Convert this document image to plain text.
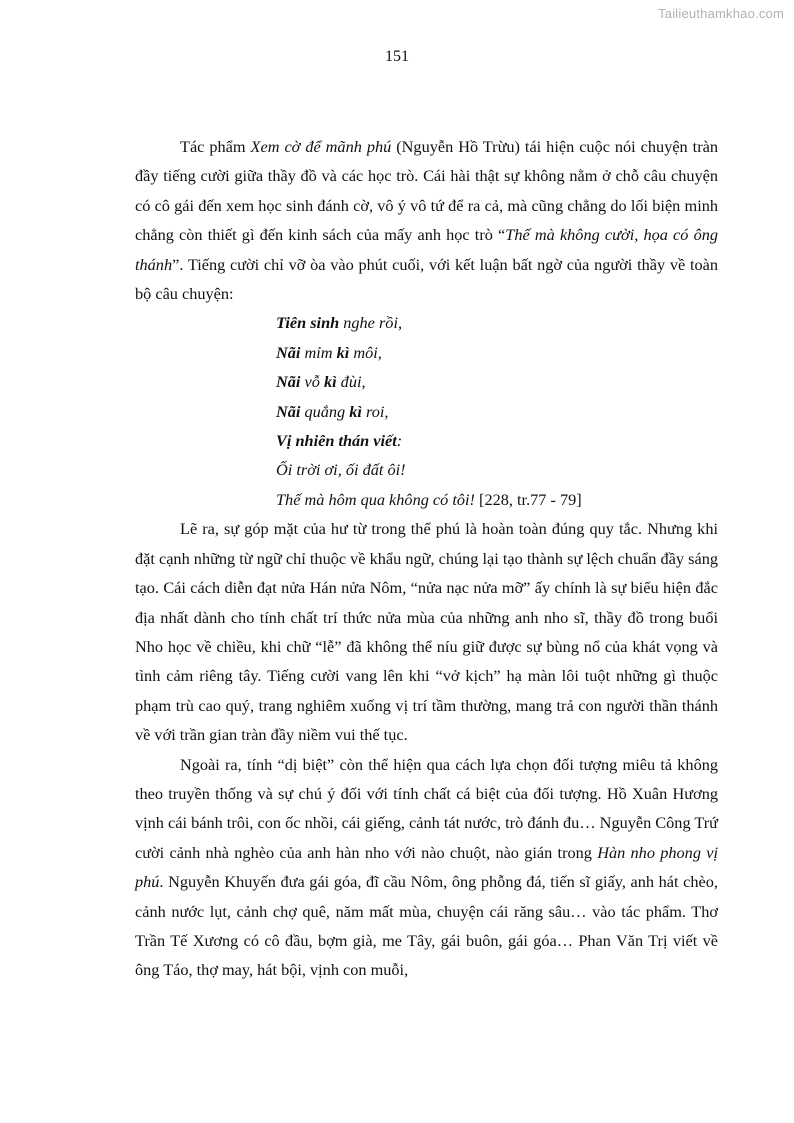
Tailieuthamkhao.com
151

Tác phẩm Xem cờ để mãnh phú (Nguyễn Hồ Trừu) tái hiện cuộc nói chuyện tràn đầy tiếng cười giữa thầy đồ và các học trò. Cái hài thật sự không nằm ở chỗ câu chuyện có cô gái đến xem học sinh đánh cờ, vô ý vô tứ để ra cả, mà cũng chẳng do lối biện minh chẳng còn thiết gì đến kinh sách của mấy anh học trò “Thế mà không cười, họa có ông thánh”. Tiếng cười chỉ vỡ òa vào phút cuối, với kết luận bất ngờ của người thầy về toàn bộ câu chuyện:

Tiên sinh nghe rồi,

Nãi mỉm kì môi,

Nãi vỗ kì đùi,

Nãi quắng kì roi,

Vị nhiên thán viết:

Ối trời ơi, ối đất ôi!

Thế mà hôm qua không có tôi! [228, tr.77 - 79]

Lẽ ra, sự góp mặt của hư từ trong thể phú là hoàn toàn đúng quy tắc. Nhưng khi đặt cạnh những từ ngữ chỉ thuộc về khẩu ngữ, chúng lại tạo thành sự lệch chuẩn đầy sáng tạo. Cái cách diễn đạt nửa Hán nửa Nôm, “nửa nạc nửa mỡ” ấy chính là sự biểu hiện đắc địa nhất dành cho tính chất trí thức nửa mùa của những anh nho sĩ, thầy đồ trong buổi Nho học về chiều, khi chữ “lễ” đã không thể níu giữ được sự bùng nổ của khát vọng và tình cảm riêng tây. Tiếng cười vang lên khi “vở kịch” hạ màn lôi tuột những gì thuộc phạm trù cao quý, trang nghiêm xuống vị trí tầm thường, mang trả con người thần thánh về với trần gian tràn đầy niềm vui thế tục.

Ngoài ra, tính “dị biệt” còn thể hiện qua cách lựa chọn đối tượng miêu tả không theo truyền thống và sự chú ý đối với tính chất cá biệt của đối tượng. Hồ Xuân Hương vịnh cái bánh trôi, con ốc nhồi, cái giếng, cảnh tát nước, trò đánh đu… Nguyễn Công Trứ cười cảnh nhà nghèo của anh hàn nho với nào chuột, nào gián trong Hàn nho phong vị phú. Nguyễn Khuyến đưa gái góa, đĩ cầu Nôm, ông phỗng đá, tiến sĩ giấy, anh hát chèo, cảnh nước lụt, cảnh chợ quê, năm mất mùa, chuyện cái răng sâu… vào tác phẩm. Thơ Trần Tế Xương có cô đầu, bợm già, me Tây, gái buôn, gái góa… Phan Văn Trị viết về ông Táo, thợ may, hát bội, vịnh con muỗi,
